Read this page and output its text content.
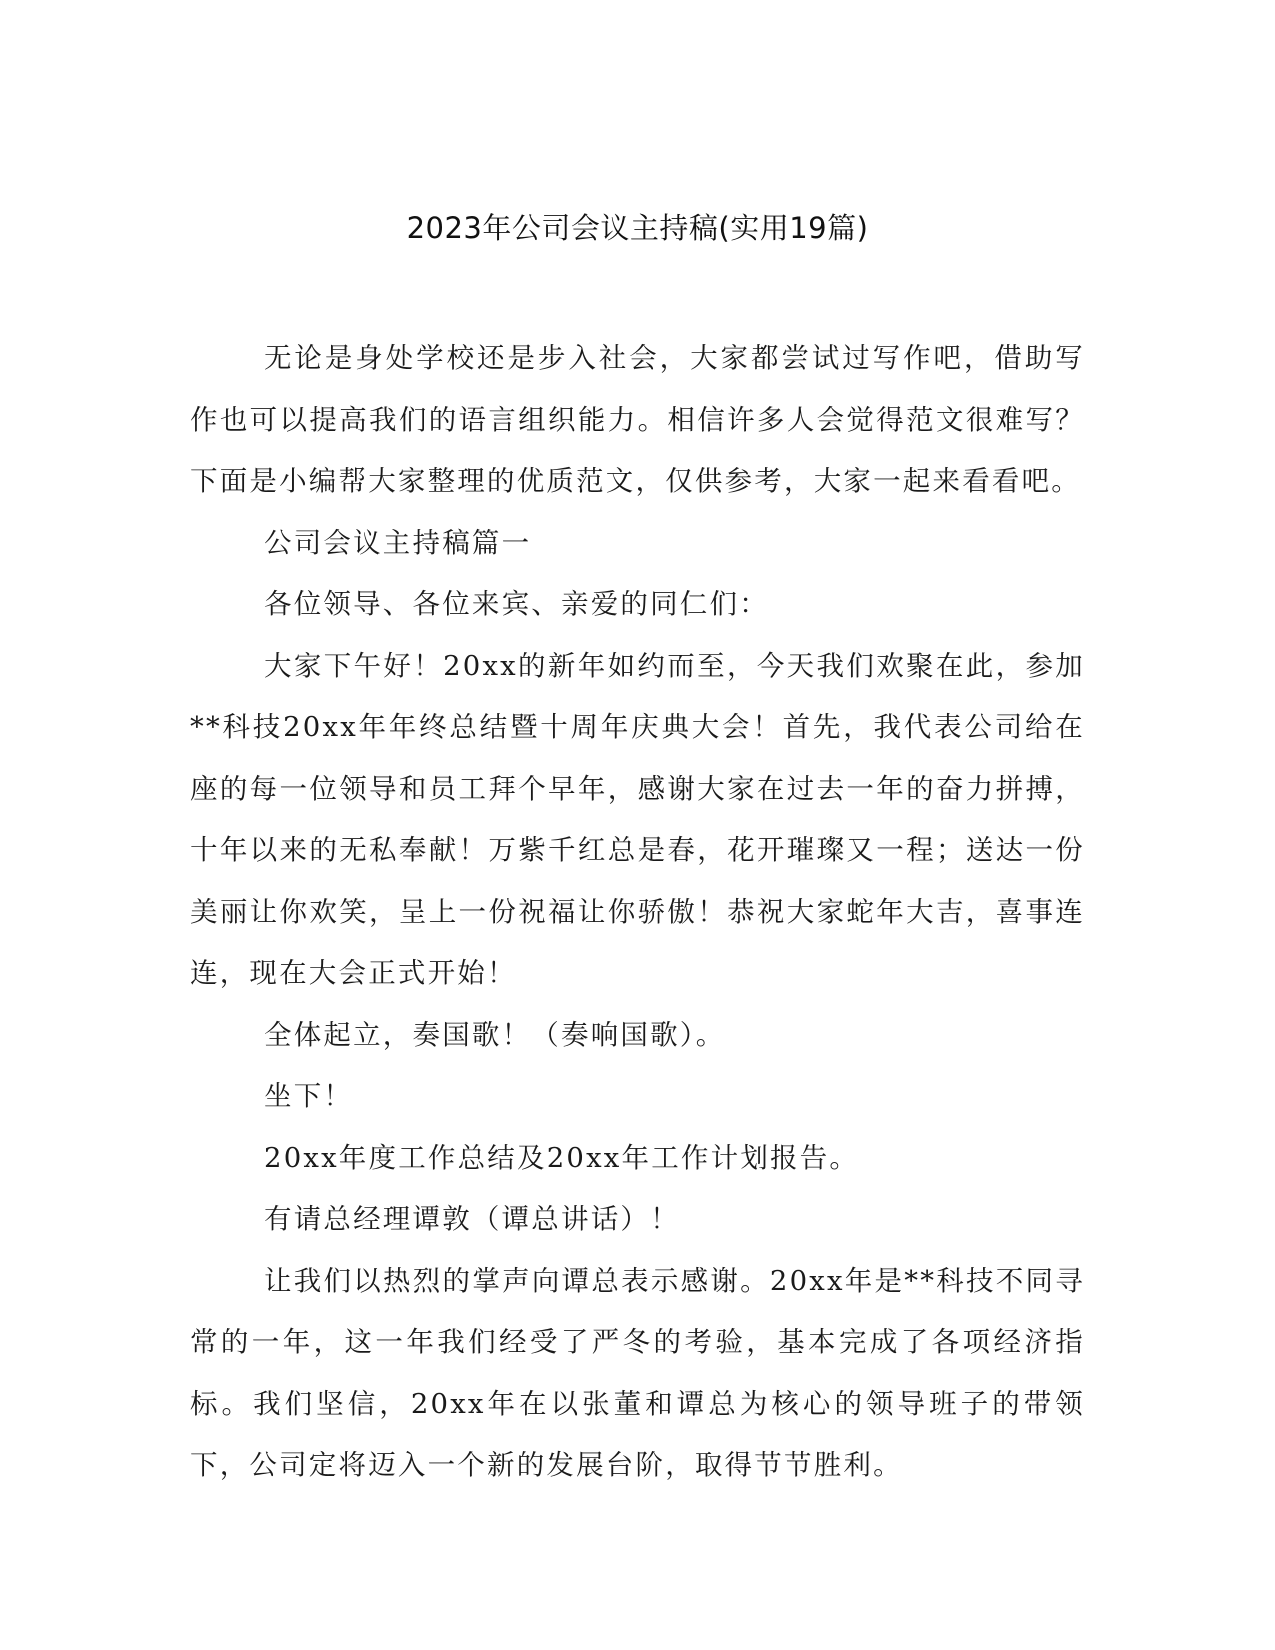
2023年公司会议主持稿(实用19篇)

无论是身处学校还是步入社会，大家都尝试过写作吧，借助写作也可以提高我们的语言组织能力。相信许多人会觉得范文很难写？下面是小编帮大家整理的优质范文，仅供参考，大家一起来看看吧。

公司会议主持稿篇一

各位领导、各位来宾、亲爱的同仁们：

大家下午好！20xx的新年如约而至，今天我们欢聚在此，参加**科技20xx年年终总结暨十周年庆典大会！首先，我代表公司给在座的每一位领导和员工拜个早年，感谢大家在过去一年的奋力拼搏，十年以来的无私奉献！万紫千红总是春，花开璀璨又一程；送达一份美丽让你欢笑，呈上一份祝福让你骄傲！恭祝大家蛇年大吉，喜事连连，现在大会正式开始！

全体起立，奏国歌！（奏响国歌）。

坐下！

20xx年度工作总结及20xx年工作计划报告。

有请总经理谭敦（谭总讲话）！

让我们以热烈的掌声向谭总表示感谢。20xx年是**科技不同寻常的一年，这一年我们经受了严冬的考验，基本完成了各项经济指标。我们坚信，20xx年在以张董和谭总为核心的领导班子的带领下，公司定将迈入一个新的发展台阶，取得节节胜利。
